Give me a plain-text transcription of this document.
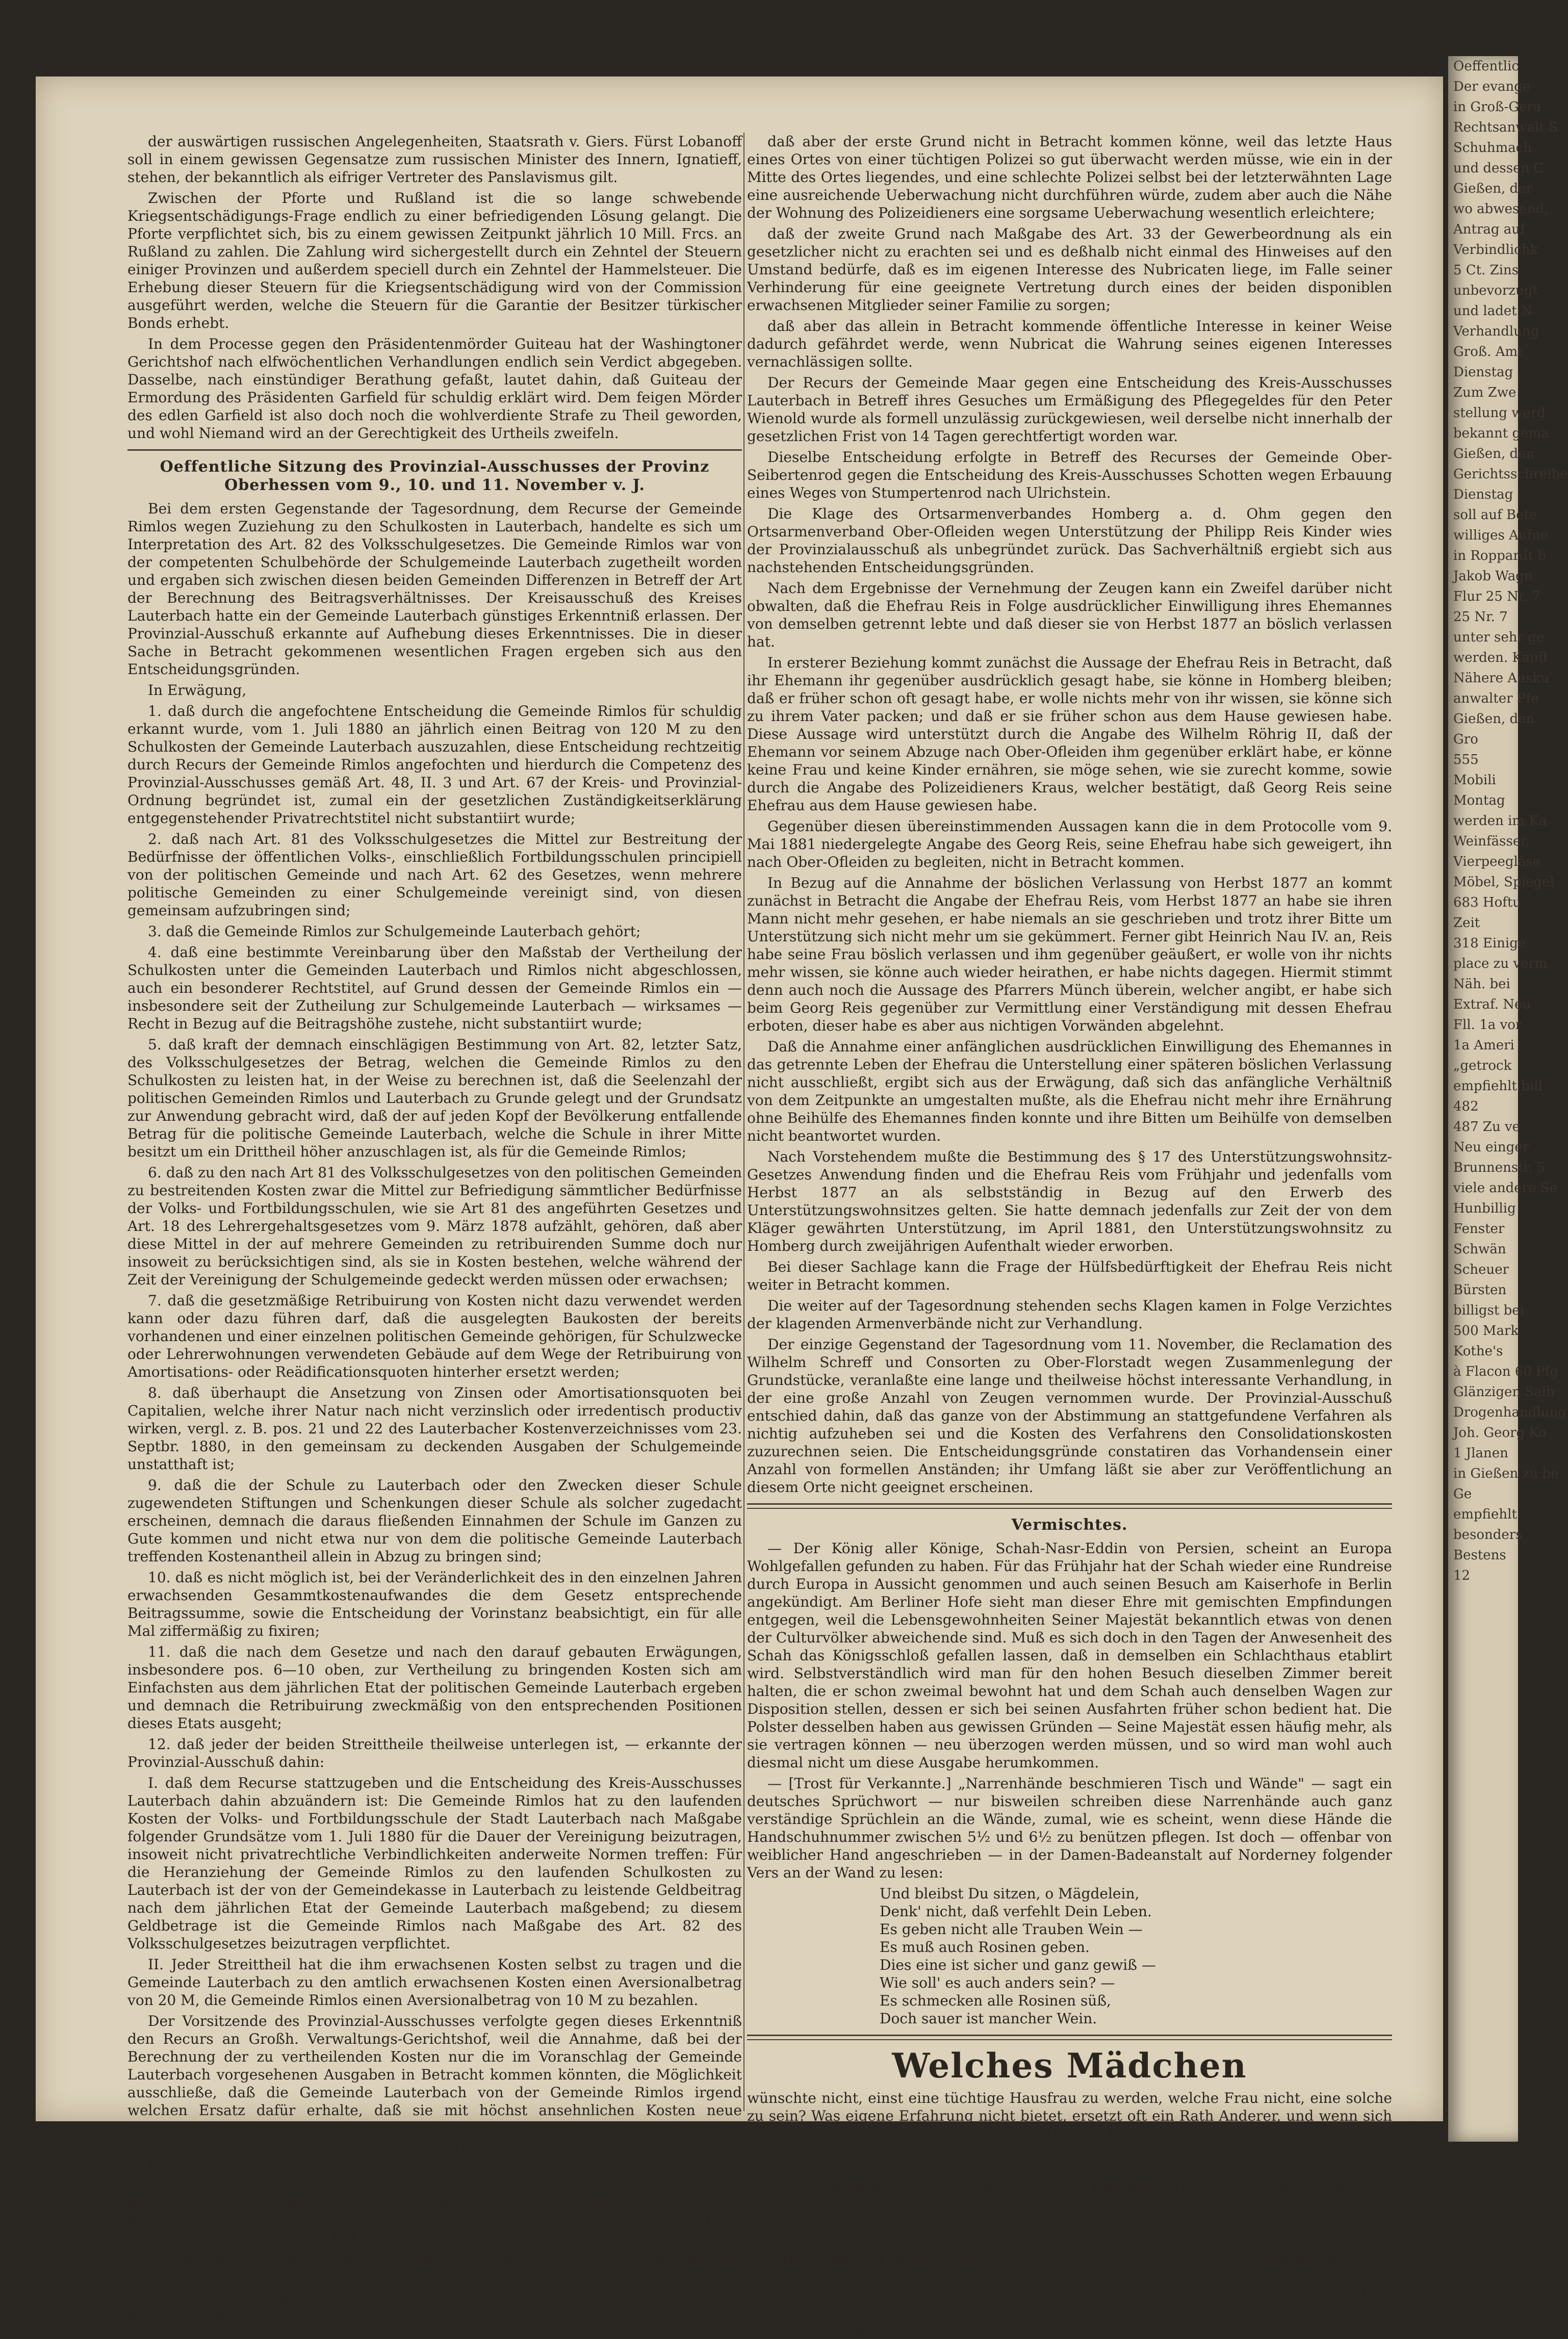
der auswärtigen russischen Angelegenheiten, Staatsrath v. Giers. Fürst Lobanoff soll in einem gewissen Gegensatze zum russischen Minister des Innern, Ignatieff, stehen, der bekanntlich als eifriger Vertreter des Panslavismus gilt.

Zwischen der Pforte und Rußland ist die so lange schwebende Kriegsentschädigungs-Frage endlich zu einer befriedigenden Lösung gelangt. Die Pforte verpflichtet sich, bis zu einem gewissen Zeitpunkt jährlich 10 Mill. Frcs. an Rußland zu zahlen. Die Zahlung wird sichergestellt durch ein Zehntel der Steuern einiger Provinzen und außerdem speciell durch ein Zehntel der Hammelsteuer. Die Erhebung dieser Steuern für die Kriegsentschädigung wird von der Commission ausgeführt werden, welche die Steuern für die Garantie der Besitzer türkischer Bonds erhebt.

In dem Processe gegen den Präsidentenmörder Guiteau hat der Washingtoner Gerichtshof nach elfwöchentlichen Verhandlungen endlich sein Verdict abgegeben. Dasselbe, nach einstündiger Berathung gefaßt, lautet dahin, daß Guiteau der Ermordung des Präsidenten Garfield für schuldig erklärt wird. Dem feigen Mörder des edlen Garfield ist also doch noch die wohlverdiente Strafe zu Theil geworden, und wohl Niemand wird an der Gerechtigkeit des Urtheils zweifeln.

Oeffentliche Sitzung des Provinzial-Ausschusses der Provinz Oberhessen vom 9., 10. und 11. November v. J.

Bei dem ersten Gegenstande der Tagesordnung, dem Recurse der Gemeinde Rimlos wegen Zuziehung zu den Schulkosten in Lauterbach, handelte es sich um Interpretation des Art. 82 des Volksschulgesetzes. Die Gemeinde Rimlos war von der competenten Schulbehörde der Schulgemeinde Lauterbach zugetheilt worden und ergaben sich zwischen diesen beiden Gemeinden Differenzen in Betreff der Art der Berechnung des Beitragsverhältnisses. Der Kreisausschuß des Kreises Lauterbach hatte ein der Gemeinde Lauterbach günstiges Erkenntniß erlassen. Der Provinzial-Ausschuß erkannte auf Aufhebung dieses Erkenntnisses. Die in dieser Sache in Betracht gekommenen wesentlichen Fragen ergeben sich aus den Entscheidungsgründen.

In Erwägung,

1. daß durch die angefochtene Entscheidung die Gemeinde Rimlos für schuldig erkannt wurde, vom 1. Juli 1880 an jährlich einen Beitrag von 120 M zu den Schulkosten der Gemeinde Lauterbach auszuzahlen, diese Entscheidung rechtzeitig durch Recurs der Gemeinde Rimlos angefochten und hierdurch die Competenz des Provinzial-Ausschusses gemäß Art. 48, II. 3 und Art. 67 der Kreis- und Provinzial-Ordnung begründet ist, zumal ein der gesetzlichen Zuständigkeitserklärung entgegenstehender Privatrechtstitel nicht substantiirt wurde;

2. daß nach Art. 81 des Volksschulgesetzes die Mittel zur Bestreitung der Bedürfnisse der öffentlichen Volks-, einschließlich Fortbildungsschulen principiell von der politischen Gemeinde und nach Art. 62 des Gesetzes, wenn mehrere politische Gemeinden zu einer Schulgemeinde vereinigt sind, von diesen gemeinsam aufzubringen sind;

3. daß die Gemeinde Rimlos zur Schulgemeinde Lauterbach gehört;

4. daß eine bestimmte Vereinbarung über den Maßstab der Vertheilung der Schulkosten unter die Gemeinden Lauterbach und Rimlos nicht abgeschlossen, auch ein besonderer Rechtstitel, auf Grund dessen der Gemeinde Rimlos ein — insbesondere seit der Zutheilung zur Schulgemeinde Lauterbach — wirksames — Recht in Bezug auf die Beitragshöhe zustehe, nicht substantiirt wurde;

5. daß kraft der demnach einschlägigen Bestimmung von Art. 82, letzter Satz, des Volksschulgesetzes der Betrag, welchen die Gemeinde Rimlos zu den Schulkosten zu leisten hat, in der Weise zu berechnen ist, daß die Seelenzahl der politischen Gemeinden Rimlos und Lauterbach zu Grunde gelegt und der Grundsatz zur Anwendung gebracht wird, daß der auf jeden Kopf der Bevölkerung entfallende Betrag für die politische Gemeinde Lauterbach, welche die Schule in ihrer Mitte besitzt um ein Drittheil höher anzuschlagen ist, als für die Gemeinde Rimlos;

6. daß zu den nach Art 81 des Volksschulgesetzes von den politischen Gemeinden zu bestreitenden Kosten zwar die Mittel zur Befriedigung sämmtlicher Bedürfnisse der Volks- und Fortbildungsschulen, wie sie Art 81 des angeführten Gesetzes und Art. 18 des Lehrergehaltsgesetzes vom 9. März 1878 aufzählt, gehören, daß aber diese Mittel in der auf mehrere Gemeinden zu retribuirenden Summe doch nur insoweit zu berücksichtigen sind, als sie in Kosten bestehen, welche während der Zeit der Vereinigung der Schulgemeinde gedeckt werden müssen oder erwachsen;

7. daß die gesetzmäßige Retribuirung von Kosten nicht dazu verwendet werden kann oder dazu führen darf, daß die ausgelegten Baukosten der bereits vorhandenen und einer einzelnen politischen Gemeinde gehörigen, für Schulzwecke oder Lehrerwohnungen verwendeten Gebäude auf dem Wege der Retribuirung von Amortisations- oder Reädificationsquoten hinterher ersetzt werden;

8. daß überhaupt die Ansetzung von Zinsen oder Amortisationsquoten bei Capitalien, welche ihrer Natur nach nicht verzinslich oder irredentisch productiv wirken, vergl. z. B. pos. 21 und 22 des Lauterbacher Kostenverzeichnisses vom 23. Septbr. 1880, in den gemeinsam zu deckenden Ausgaben der Schulgemeinde unstatthaft ist;

9. daß die der Schule zu Lauterbach oder den Zwecken dieser Schule zugewendeten Stiftungen und Schenkungen dieser Schule als solcher zugedacht erscheinen, demnach die daraus fließenden Einnahmen der Schule im Ganzen zu Gute kommen und nicht etwa nur von dem die politische Gemeinde Lauterbach treffenden Kostenantheil allein in Abzug zu bringen sind;

10. daß es nicht möglich ist, bei der Veränderlichkeit des in den einzelnen Jahren erwachsenden Gesammtkostenaufwandes die dem Gesetz entsprechende Beitragssumme, sowie die Entscheidung der Vorinstanz beabsichtigt, ein für alle Mal ziffermäßig zu fixiren;

11. daß die nach dem Gesetze und nach den darauf gebauten Erwägungen, insbesondere pos. 6—10 oben, zur Vertheilung zu bringenden Kosten sich am Einfachsten aus dem jährlichen Etat der politischen Gemeinde Lauterbach ergeben und demnach die Retribuirung zweckmäßig von den entsprechenden Positionen dieses Etats ausgeht;

12. daß jeder der beiden Streittheile theilweise unterlegen ist, — erkannte der Provinzial-Ausschuß dahin:

I. daß dem Recurse stattzugeben und die Entscheidung des Kreis-Ausschusses Lauterbach dahin abzuändern ist: Die Gemeinde Rimlos hat zu den laufenden Kosten der Volks- und Fortbildungsschule der Stadt Lauterbach nach Maßgabe folgender Grundsätze vom 1. Juli 1880 für die Dauer der Vereinigung beizutragen, insoweit nicht privatrechtliche Verbindlichkeiten anderweite Normen treffen: Für die Heranziehung der Gemeinde Rimlos zu den laufenden Schulkosten zu Lauterbach ist der von der Gemeindekasse in Lauterbach zu leistende Geldbeitrag nach dem jährlichen Etat der Gemeinde Lauterbach maßgebend; zu diesem Geldbetrage ist die Gemeinde Rimlos nach Maßgabe des Art. 82 des Volksschulgesetzes beizutragen verpflichtet.

II. Jeder Streittheil hat die ihm erwachsenen Kosten selbst zu tragen und die Gemeinde Lauterbach zu den amtlich erwachsenen Kosten einen Aversionalbetrag von 20 M, die Gemeinde Rimlos einen Aversionalbetrag von 10 M zu bezahlen.

Der Vorsitzende des Provinzial-Ausschusses verfolgte gegen dieses Erkenntniß den Recurs an Großh. Verwaltungs-Gerichtshof, weil die Annahme, daß bei der Berechnung der zu vertheilenden Kosten nur die im Voranschlag der Gemeinde Lauterbach vorgesehenen Ausgaben in Betracht kommen könnten, die Möglichkeit ausschließe, daß die Gemeinde Lauterbach von der Gemeinde Rimlos irgend welchen Ersatz dafür erhalte, daß sie mit höchst ansehnlichen Kosten neue Schullocale und Lehrerwohnungen erbaut habe und dieselben nunmehr auch zu Gunsten der Gemeinde Rimlos verwendet werden.

In Betreff des Recurses des Heinrich Greb II. zu Stornborf wegen Verweigerung der Erlaubniß zum Betriebe der Zapfwirthschaft, hob der Provinzial-Ausschuß die ablehnende Entscheidung des Kreis-Ausschusses Alsfeld auf, und zwar mit Rücksicht darauf, daß sich der Kreis-Ausschuß seine Entscheidung nur auf die beiden Thatsachen gestützt habe:

1. daß das Haus des Nubricaten am Ende des Ortes liege und deßhalb die erforderliche polizeiliche Ueberwachung nicht stattfinden könne;

2. daß derselbe wegen seines Geschäfts oft abwesend sei und deßhalb den Betrieb der Wirthschaft andern überlassen müßte;

daß aber der erste Grund nicht in Betracht kommen könne, weil das letzte Haus eines Ortes von einer tüchtigen Polizei so gut überwacht werden müsse, wie ein in der Mitte des Ortes liegendes, und eine schlechte Polizei selbst bei der letzterwähnten Lage eine ausreichende Ueberwachung nicht durchführen würde, zudem aber auch die Nähe der Wohnung des Polizeidieners eine sorgsame Ueberwachung wesentlich erleichtere;

daß der zweite Grund nach Maßgabe des Art. 33 der Gewerbeordnung als ein gesetzlicher nicht zu erachten sei und es deßhalb nicht einmal des Hinweises auf den Umstand bedürfe, daß es im eigenen Interesse des Nubricaten liege, im Falle seiner Verhinderung für eine geeignete Vertretung durch eines der beiden disponiblen erwachsenen Mitglieder seiner Familie zu sorgen;

daß aber das allein in Betracht kommende öffentliche Interesse in keiner Weise dadurch gefährdet werde, wenn Nubricat die Wahrung seines eigenen Interesses vernachlässigen sollte.

Der Recurs der Gemeinde Maar gegen eine Entscheidung des Kreis-Ausschusses Lauterbach in Betreff ihres Gesuches um Ermäßigung des Pflegegeldes für den Peter Wienold wurde als formell unzulässig zurückgewiesen, weil derselbe nicht innerhalb der gesetzlichen Frist von 14 Tagen gerechtfertigt worden war.

Dieselbe Entscheidung erfolgte in Betreff des Recurses der Gemeinde Ober-Seibertenrod gegen die Entscheidung des Kreis-Ausschusses Schotten wegen Erbauung eines Weges von Stumpertenrod nach Ulrichstein.

Die Klage des Ortsarmenverbandes Homberg a. d. Ohm gegen den Ortsarmenverband Ober-Ofleiden wegen Unterstützung der Philipp Reis Kinder wies der Provinzialausschuß als unbegründet zurück. Das Sachverhältniß ergiebt sich aus nachstehenden Entscheidungsgründen.

Nach dem Ergebnisse der Vernehmung der Zeugen kann ein Zweifel darüber nicht obwalten, daß die Ehefrau Reis in Folge ausdrücklicher Einwilligung ihres Ehemannes von demselben getrennt lebte und daß dieser sie von Herbst 1877 an böslich verlassen hat.

In ersterer Beziehung kommt zunächst die Aussage der Ehefrau Reis in Betracht, daß ihr Ehemann ihr gegenüber ausdrücklich gesagt habe, sie könne in Homberg bleiben; daß er früher schon oft gesagt habe, er wolle nichts mehr von ihr wissen, sie könne sich zu ihrem Vater packen; und daß er sie früher schon aus dem Hause gewiesen habe. Diese Aussage wird unterstützt durch die Angabe des Wilhelm Röhrig II, daß der Ehemann vor seinem Abzuge nach Ober-Ofleiden ihm gegenüber erklärt habe, er könne keine Frau und keine Kinder ernähren, sie möge sehen, wie sie zurecht komme, sowie durch die Angabe des Polizeidieners Kraus, welcher bestätigt, daß Georg Reis seine Ehefrau aus dem Hause gewiesen habe.

Gegenüber diesen übereinstimmenden Aussagen kann die in dem Protocolle vom 9. Mai 1881 niedergelegte Angabe des Georg Reis, seine Ehefrau habe sich geweigert, ihn nach Ober-Ofleiden zu begleiten, nicht in Betracht kommen.

In Bezug auf die Annahme der böslichen Verlassung von Herbst 1877 an kommt zunächst in Betracht die Angabe der Ehefrau Reis, vom Herbst 1877 an habe sie ihren Mann nicht mehr gesehen, er habe niemals an sie geschrieben und trotz ihrer Bitte um Unterstützung sich nicht mehr um sie gekümmert. Ferner gibt Heinrich Nau IV. an, Reis habe seine Frau böslich verlassen und ihm gegenüber geäußert, er wolle von ihr nichts mehr wissen, sie könne auch wieder heirathen, er habe nichts dagegen. Hiermit stimmt denn auch noch die Aussage des Pfarrers Münch überein, welcher angibt, er habe sich beim Georg Reis gegenüber zur Vermittlung einer Verständigung mit dessen Ehefrau erboten, dieser habe es aber aus nichtigen Vorwänden abgelehnt.

Daß die Annahme einer anfänglichen ausdrücklichen Einwilligung des Ehemannes in das getrennte Leben der Ehefrau die Unterstellung einer späteren böslichen Verlassung nicht ausschließt, ergibt sich aus der Erwägung, daß sich das anfängliche Verhältniß von dem Zeitpunkte an umgestalten mußte, als die Ehefrau nicht mehr ihre Ernährung ohne Beihülfe des Ehemannes finden konnte und ihre Bitten um Beihülfe von demselben nicht beantwortet wurden.

Nach Vorstehendem mußte die Bestimmung des § 17 des Unterstützungswohnsitz-Gesetzes Anwendung finden und die Ehefrau Reis vom Frühjahr und jedenfalls vom Herbst 1877 an als selbstständig in Bezug auf den Erwerb des Unterstützungswohnsitzes gelten. Sie hatte demnach jedenfalls zur Zeit der von dem Kläger gewährten Unterstützung, im April 1881, den Unterstützungswohnsitz zu Homberg durch zweijährigen Aufenthalt wieder erworben.

Bei dieser Sachlage kann die Frage der Hülfsbedürftigkeit der Ehefrau Reis nicht weiter in Betracht kommen.

Die weiter auf der Tagesordnung stehenden sechs Klagen kamen in Folge Verzichtes der klagenden Armenverbände nicht zur Verhandlung.

Der einzige Gegenstand der Tagesordnung vom 11. November, die Reclamation des Wilhelm Schreff und Consorten zu Ober-Florstadt wegen Zusammenlegung der Grundstücke, veranlaßte eine lange und theilweise höchst interessante Verhandlung, in der eine große Anzahl von Zeugen vernommen wurde. Der Provinzial-Ausschuß entschied dahin, daß das ganze von der Abstimmung an stattgefundene Verfahren als nichtig aufzuheben sei und die Kosten des Verfahrens den Consolidationskosten zuzurechnen seien. Die Entscheidungsgründe constatiren das Vorhandensein einer Anzahl von formellen Anständen; ihr Umfang läßt sie aber zur Veröffentlichung an diesem Orte nicht geeignet erscheinen.

Vermischtes.

— Der König aller Könige, Schah-Nasr-Eddin von Persien, scheint an Europa Wohlgefallen gefunden zu haben. Für das Frühjahr hat der Schah wieder eine Rundreise durch Europa in Aussicht genommen und auch seinen Besuch am Kaiserhofe in Berlin angekündigt. Am Berliner Hofe sieht man dieser Ehre mit gemischten Empfindungen entgegen, weil die Lebensgewohnheiten Seiner Majestät bekanntlich etwas von denen der Culturvölker abweichende sind. Muß es sich doch in den Tagen der Anwesenheit des Schah das Königsschloß gefallen lassen, daß in demselben ein Schlachthaus etablirt wird. Selbstverständlich wird man für den hohen Besuch dieselben Zimmer bereit halten, die er schon zweimal bewohnt hat und dem Schah auch denselben Wagen zur Disposition stellen, dessen er sich bei seinen Ausfahrten früher schon bedient hat. Die Polster desselben haben aus gewissen Gründen — Seine Majestät essen häufig mehr, als sie vertragen können — neu überzogen werden müssen, und so wird man wohl auch diesmal nicht um diese Ausgabe herumkommen.

— [Trost für Verkannte.] „Narrenhände beschmieren Tisch und Wände" — sagt ein deutsches Sprüchwort — nur bisweilen schreiben diese Narrenhände auch ganz verständige Sprüchlein an die Wände, zumal, wie es scheint, wenn diese Hände die Handschuhnummer zwischen 5½ und 6½ zu benützen pflegen. Ist doch — offenbar von weiblicher Hand angeschrieben — in der Damen-Badeanstalt auf Norderney folgender Vers an der Wand zu lesen:

Und bleibst Du sitzen, o Mägdelein,
Denk' nicht, daß verfehlt Dein Leben.
Es geben nicht alle Trauben Wein —
Es muß auch Rosinen geben.
Dies eine ist sicher und ganz gewiß —
Wie soll' es auch anders sein? —
Es schmecken alle Rosinen süß,
Doch sauer ist mancher Wein.
Welches Mädchen

wünschte nicht, einst eine tüchtige Hausfrau zu werden, welche Frau nicht, eine solche zu sein? Was eigene Erfahrung nicht bietet, ersetzt oft ein Rath Anderer, und wenn sich eine Reihe von bewährten Hausfrauen, Müttern, Erziehern, Aerzten rc. vereint, um ihre Erfahrungen und Rathschläge den Strebsamen unserer Frauenwelt mitzutheilen, so verdient ein solches Unternehmen wohl Unterstützung seitens der Frauen und Männer. Dörner's „Hausfrauen-Zeitung" ist ein solcher Rathgeber für Frauen und Mädchen, sie lehrt, unter besonderer Berücksichtigung der für unsere Zeit so nothwendigen Sparsamkeit, alle Zweige des Hauswesens, indem sie Anleitung gibt für die Pflege Gesunder wie Erkrankter, für Erziehung rc. Außerdem bietet sie gediegenen Unterhaltungsstoff in Romanen, Novellen, Erzählungen rc. und das Alles für den Preis von 10 ₰ für die Wochennummer. Abonnement (zu M 1.30 vierteljährlich) nehmen alle Buchhandlungen und Postämter an, Letzteren ist die Nr. 2050 der Zeitungs-Preisliste anzugeben. Probenummern sind auch vom Herausgeber F. Dörner in Berlin W., Landgrafenstraße 2, gratis zu beziehen.

Oeffentlic
Der evange
in Groß-Gera
Rechtsanwalt S
Schuhmach
und dessen C
Gießen, der
wo abwesend,
Antrag auf
Verbindlichk
5 Ct. Zins
unbevorzugt
und ladet N
Verhandlung
Groß. Amt
Dienstag
Zum Zwe
stellung werd
bekannt gema
Gießen, den
Gerichtsschreibe
Dienstag
soll auf Bete
williges Aufne
in Roppardt b
Jakob Wagn
Flur 25 Nr. 7
25 Nr. 7
unter sehr ge
werden. Kaufl
Nähere Ausku
anwalter Pfe
Gießen, den
Gro
555
Mobili
Montag
werden im Ka
Weinfässer,
Vierpeegläse
Möbel, Spiegel
683 Hoftu
Zeit
318 Einige
place zu verm
Näh. bei
Extraf. Neu
Fll. 1a vor
1a Ameri
„getrock
empfiehlt bill
482
487 Zu ve
Neu einger
Brunnenstr. 5
viele andere Se
Hunbillig
Fenster
Schwän
Scheuer
Bürsten
billigst bei
500 Mark
Kothe's
à Flacon 60 Pfg
Glänzigen Salb
Drogenhandlung
Joh. Georg Ko
1 Jlanen
in Gießen zu be
Ge
empfiehlt
besonders
Bestens
12
